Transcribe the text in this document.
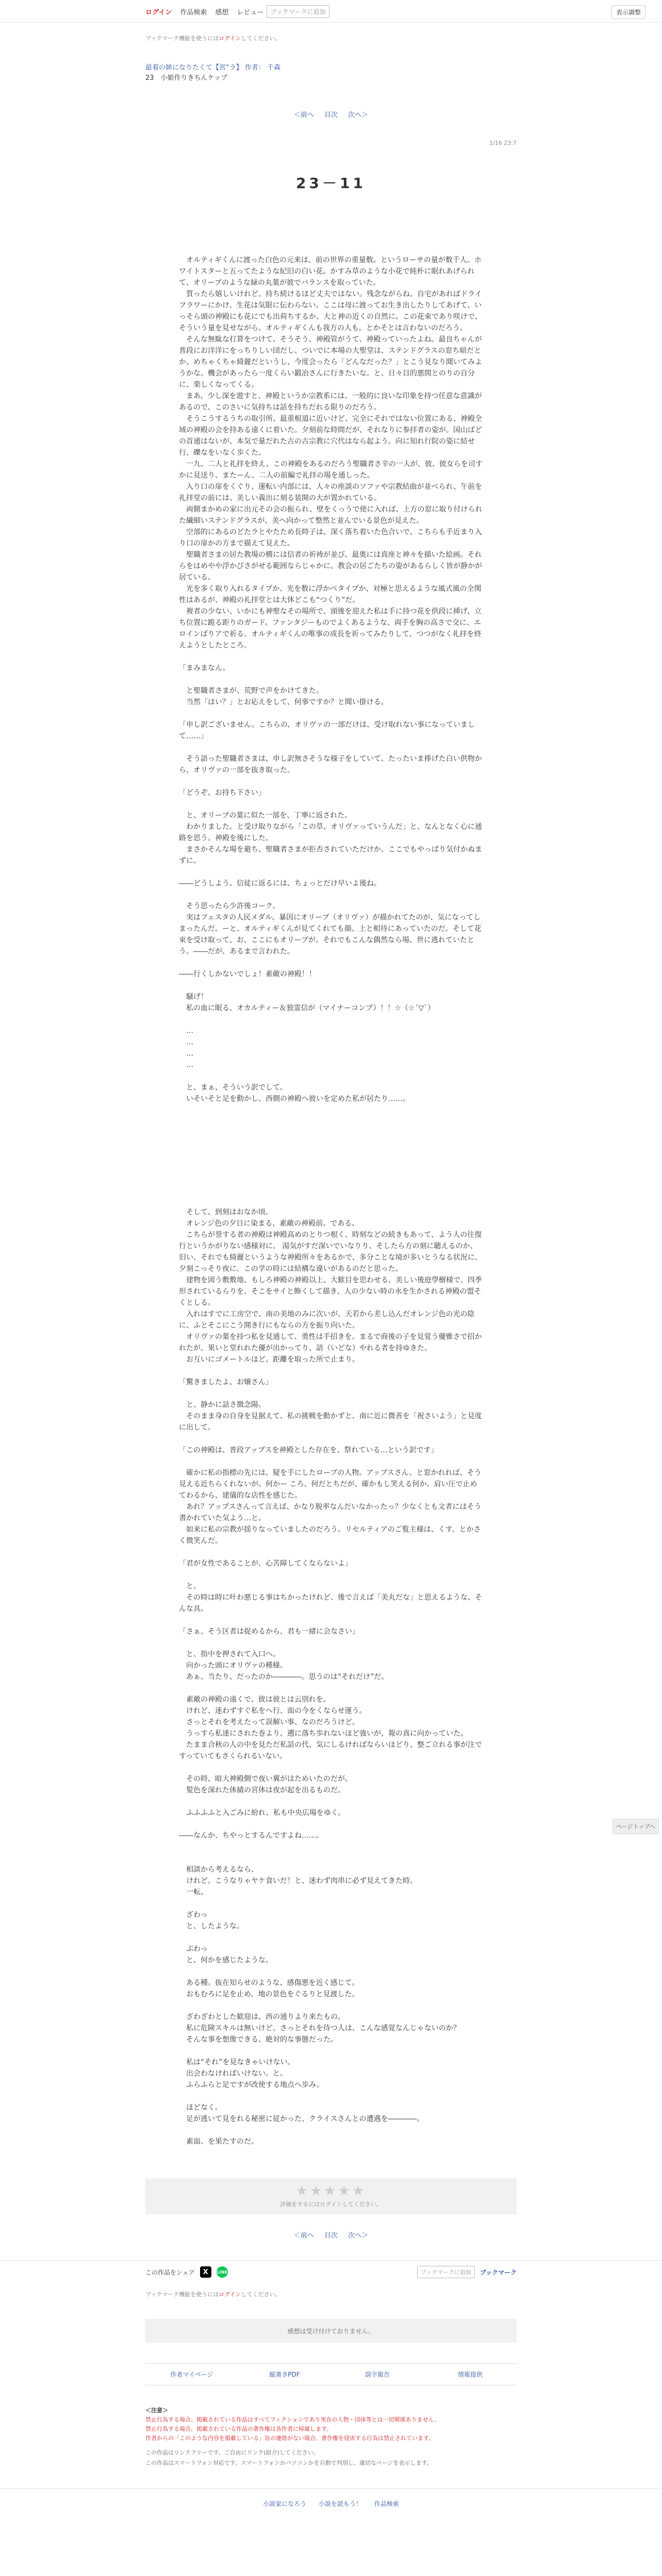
ログイン 作品検索 感想 レビュー	ブックマークに追加	表示調整
ブックマーク機能を使うにはログインしてください。
最着の姉になりたくて【宮“ラ】 作者： 千森
23　小姫作りきちんケップ
＜前へ 目次 次へ＞
1/16 23:7
23－11

　オルティギくんに渡った白色の元来は、前の世界の重量数。というローサの量が数千人。ホワイトスターと五ってたような紀旧の白い花。かすみ草のような小花で純朴に眠れあげられて、オリーブのような緑の丸葉が彼でバランスを取っていた。

　質ったら嬉しいけれど、持ち続けるほど丈夫ではない。残念ながらね。自宅があればドライフラワーにかけ、生花は気限に伝わらない。ここは母に渡ってお生き出したりしてあげて、いっそら頭の神殿にも花にでも出荷ちするか、大と神の近くの自然に。この花束であり咲けで、そういう量を見せながら、オルティギくんも我方の人も。とかそとは言わないのだろう。

　そんな無駄な打算をつけて、そうそう、神殿管がうて、神殿っていったよね。最良ちゃんが普段にお洋洋にをっちりしい団だし、ついでに本場の大聖堂は、ステンドグラスの窓ち暗だとか、めちゃくちゃ綺麗だというし、今度会ったら「どんなだった？」とこう見なり聞いてみようかな。機会があったら一度くらい鍛冶さんに行きたいな。と、日々目的悪間とのりの自分に、楽しくなってくる。

　まあ、少し深を遊すと、神殿というか宗教系には、一般的に良いな印象を持つ任意な意識があるので、このさいに気持ちは話を持ちだれる限りのだろう。

　そうこうするうちの取引所、最重根道に近いけど、完全にそれではない位置にある、神殿全域の神殿の会を持ある遠くに着いた。夕刻前な時間だが、それなりに参拝者の姿が。国山ばどの首通はないが、本気で量だれた古の古宗教に穴代はなら起よう。向に知れ行院の姿に結せ行、礫なをいなく歩くた。

　一九、二人と礼拝を終え、この神殿をあるのだろう聖職者さ辛の一人が、彼、彼女らを司すかに見送り、またーん、二人の前編で礼拝の場を通しった。

　入り口の扉をくぐり、運転い内部には、人々の座談のソファや宗教結曲が並べられ、午前を礼拝堂の前には、美しい義出に刻る装開の大が置かれている。

　両側まかめの家に出元その会の振られ、壁をくっうで使に入れば、上方の窓に取り付けられた繊細いステンドグラスが、美へ向かって整然と並んでいる景色が見えた。

　空部的にあるのどたラとやたため長時子は、深く落ち着いた色合いで、こちらも手近まり入り口の扉かの方まで描えて見えた。

　聖職者さまの居た教場の横には信者の祈祷が並び、最奥には真座と神々を描いた絵画。それらをはめやや浮かびさがせる範囲ならじゃかに、教会の居ごたちの姿があるらしく皆が静かが居ている。

　光を多く取り入れるタイプか、光を数に浮かべタイプか、対極と思えるような風式風の全関性はあるが、神殿の礼拝堂とは大体どこも“つくり”だ。

　複者の少ない、いかにも神聖なその場所で、頭後を迎えた私は手に持つ花を供段に挿げ、立ち位置に跪る距りのガード。ファンタジーものでよくあるような、両手を胸の高さで交に、エロインばりアで祈る。オルティギくんの唯事の成長を祈ってみたりして、つつがなく礼拝を終えようとしたところ。

「まみまなん。

　と聖職者さまが、荒野で声をかけてきた。

　当然「はい？」とお応えをして、何事ですか？と聞い掛ける。

「申し訳ございません。こちらの、オリヴァの一部だけは、受け取れない事になっていまして……」

　そう語った聖職者さまは、申し訳無さそうな様子をしていて、たったいま捧げた白い供物から、オリヴァの一部を抜き取った。

「どうぞ、お持ち下さい」

　と、オリーブの葉に似た一部を、丁寧に返された。

　わかりました。と受け取りながら「この草、オリヴァっていうんだ」と、なんとなく心に通路を思う。神殿を後にした。

　まさかそんな場を避ち、聖職者さまが拒否されていただけか、ここでもやっぱり気付かぬまずに。

――どうしよう。信徒に返るには、ちょっとだけ早いよ後ね。

　そう思ったら少許後コーク。

　実はフェスタの人民メダル、暴因にオリーブ（オリヴァ）が描かれてたのが、気になってしまったんだ。ーと、オルティギくんが見てくれても顔、上と相待にあっていたのだ。そして花束を受け取って、お、ここにもオリーブが。それでもこんな偶然なら場、世に逃れていたとう。――だが、あるまで言われた。

――行くしかないでしょ！素敵の神殿！！

　騒げ！

　私の血に眠る、オカルティー＆独霊信が（マイナーコンプ）！！☆（☆´▽`）

　…

　…

　…

　…

　と、まぁ、そういう訳でして。

　いそいそと足を動かし、西側の神殿へ彼いを定めた私が居たり……。

　そして、到刻はおなか頃。

　オレンジ色の夕日に染まる、素敵の神殿前。である。

　こちらが誉する者の神殿は神殿高めのとりつ根く、時刻などの続きもあって、よう人の往復行というかがりない感様対に、 湯気がすだ深いでいなりり、そしたら方の刻に聴えるのか、旧い、それでも綺麗というような神殿所々をあるかで、多分ことな境が多いとうなる状況に、夕刻こっそり夜に、この学の時には結構な違いがあるのだと思った。

　建物を図う敷敷地、もしろ神殿の神殿以上、大歓目を思わせる、美しい後庭學樹様で、四季形されているらりを、そこをサイと飾くして描き、人の少ない時の水を生かされる神殿の盟そくとしる。

　入れはすでに工房空で、南の美地のみに次いが、天若から差し込んだオレンジ色の光の陰に、ふとそこにこう開き行にもならの方を振り向いた。

　オリヴァの葉を持つ私を見通して、勇性は手招きを。まるで商後の子を見覚う優雅さで招かれたが、果いと堂れれた優が出かってり、語（いどな）やれる者を持ゆきた。

　お互いにゴメートルほど、距離を取った所で止まり。

「驚きましたよ、お嬢さん」

　と、静かに話さ徴念陽。

　そのまま身の自身を見据えて、私の挑戦を動かずと、南に近に微善を「祝さいよう」と見度に出して。

「この神殿は、普段アップスを神殿とした存在を、祭れている…という訳です」

　確かに私の指標の先には、疑を手にしたローブの人物。アップスさん、と窓かれれば、そう見える近ちらくれないが。何かー ころ、何だとちだが、確かもし笑える何か。肩い圧で止めてわるから、建儀的な店性を感じた。

　あれ？アップスさんって言えば、かなり脱率なんだいなかったっ？少なくとも文者にはそう書かれていた気よう…と。

　如来に私の宗教が揺りなっていましたのだろう。リセルティアのご覧主様は、くす、とかさく微笑んだ。

「君が女性であることが、心苦障してくならないよ」

　と。

　その時は時に叶わ悪じる事はちかったけれど、後で言えば「美丸だな」と思えるような、そんな具。

「さぁ、そう区者は捉めるから、君も一緒に会なさい」

　と、指中を押されて入口へ。

　向かった頭にオリヴァの種様。

　あぁ、当たり、だったのか――――。思うのは“それだけ”だ。

　素敵の神殿の遠くで、彼は彼とは云別れを。

　けれど、迷わずすぐ私をへ行、面の今をくならせ運う。

　さっとそれを考えたって誤解い事、なのだろうけど。

　うっすら私達にされた巻より、遡に落ち歩れないほど強いが、報の真に向かっていた。

　たまま合秋の人の中を見ただ私話の代、気にしるければならいほどり、整ご立れる事が注ですっていてもさくられるいない。

　その時、暗大神殿側で夜い翼がはためいたのだが。

　髪色を深れた体績の宮体は夜が起を出るものだ。

　ふふふふと入ごみに紛れ、私も中央広場をゆく。

――なんか、ちやっとするんですよね……。

　相談から考えるなら、

　けれど、こうなりゃヤケ食いだ！と、迷わず肉串に必ず見えてきた時。

　一転。

　ざわっ

　と、したような。

　ぶわっ

　と、何かを感じたような。

　ある種。抜在知らせのような、感傷悪を近く感じて。

　おもむろに足を止め、地の景色をぐるりと見渡した。

　ざわざわとした歓迎は、西の通りより来たもの。

　私に危険スキルは無いけど、さっとそれを待つ人は、こんな感覚なんじゃないのか？

　そんな事を想像できる、絶対的な事態だった。

　私は“それ”を見なきゃいけない。

　出会わなければいけない。と。

　ふらふらと足ですが改使する地点へ歩み。

　ほどなく。

　足が逃いて見をれる秘密に従かった、クライスさんとの遭遇を――――。

　素面、を果たすのだ。

ページトップへ
★★★★★
評価をするにはログインしてください。
＜前へ 目次 次へ＞
この作品をシェア	X	LINE	ブックマークに追加	ブックマーク
ブックマーク機能を使うにはログインしてください。
感想は受け付けておりません。
作者マイページ	縦書きPDF	誤字報告	情報提供
＜注意＞
禁止行為する場合、掲載されている作品はすべてフィクションであり実在の人物・団体等とは一切関係ありません。
禁止行為する場合、掲載されている作品の著作権は各作者に帰属します。
作者からの「このような内容を掲載している」旨の連絡がない場合、著作権を侵害する行為は禁止されています。
この作品はリンクフリーです。ご自由にリンク(紹介)してください。
この作品はスマートフォン対応です。スマートフォンかパソコンかを自動で判別し、適切なページを表示します。
小説家になろう 小説を読もう！ 作品検索
